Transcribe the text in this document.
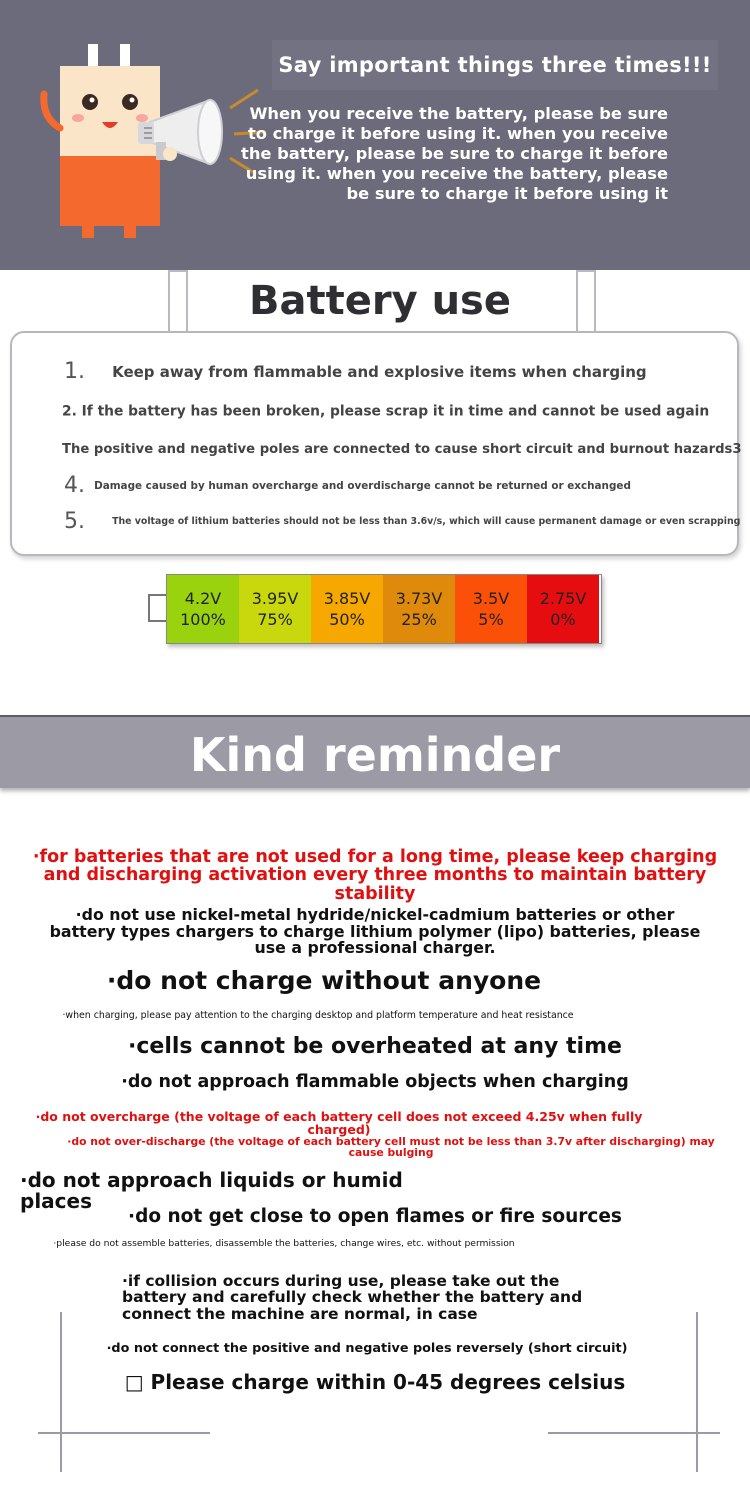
Say important things three times!!!
When you receive the battery, please be sure to charge it before using it. when you receive the battery, please be sure to charge it before using it. when you receive the battery, please be sure to charge it before using it
Battery use
1. Keep away from flammable and explosive items when charging
2. If the battery has been broken, please scrap it in time and cannot be used again
The positive and negative poles are connected to cause short circuit and burnout hazards3
4. Damage caused by human overcharge and overdischarge cannot be returned or exchanged
5.	The voltage of lithium batteries should not be less than 3.6v/s, which will cause permanent damage or even scrapping
4.2V
100%
3.95V
75%
3.85V
50%
3.73V
25%
3.5V
5%
2.75V
0%
Kind reminder
·for batteries that are not used for a long time, please keep charging and discharging activation every three months to maintain battery stability
·do not use nickel-metal hydride/nickel-cadmium batteries or other battery types chargers to charge lithium polymer (lipo) batteries, please use a professional charger.
·do not charge without anyone
·when charging, please pay attention to the charging desktop and platform temperature and heat resistance
·cells cannot be overheated at any time
·do not approach flammable objects when charging
·do not overcharge (the voltage of each battery cell does not exceed 4.25v when fully charged)
·do not over-discharge (the voltage of each battery cell must not be less than 3.7v after discharging) may cause bulging
·do not approach liquids or humid places
·do not get close to open flames or fire sources
·please do not assemble batteries, disassemble the batteries, change wires, etc. without permission
·if collision occurs during use, please take out the battery and carefully check whether the battery and connect the machine are normal, in case
·do not connect the positive and negative poles reversely (short circuit)
□ Please charge within 0-45 degrees celsius
